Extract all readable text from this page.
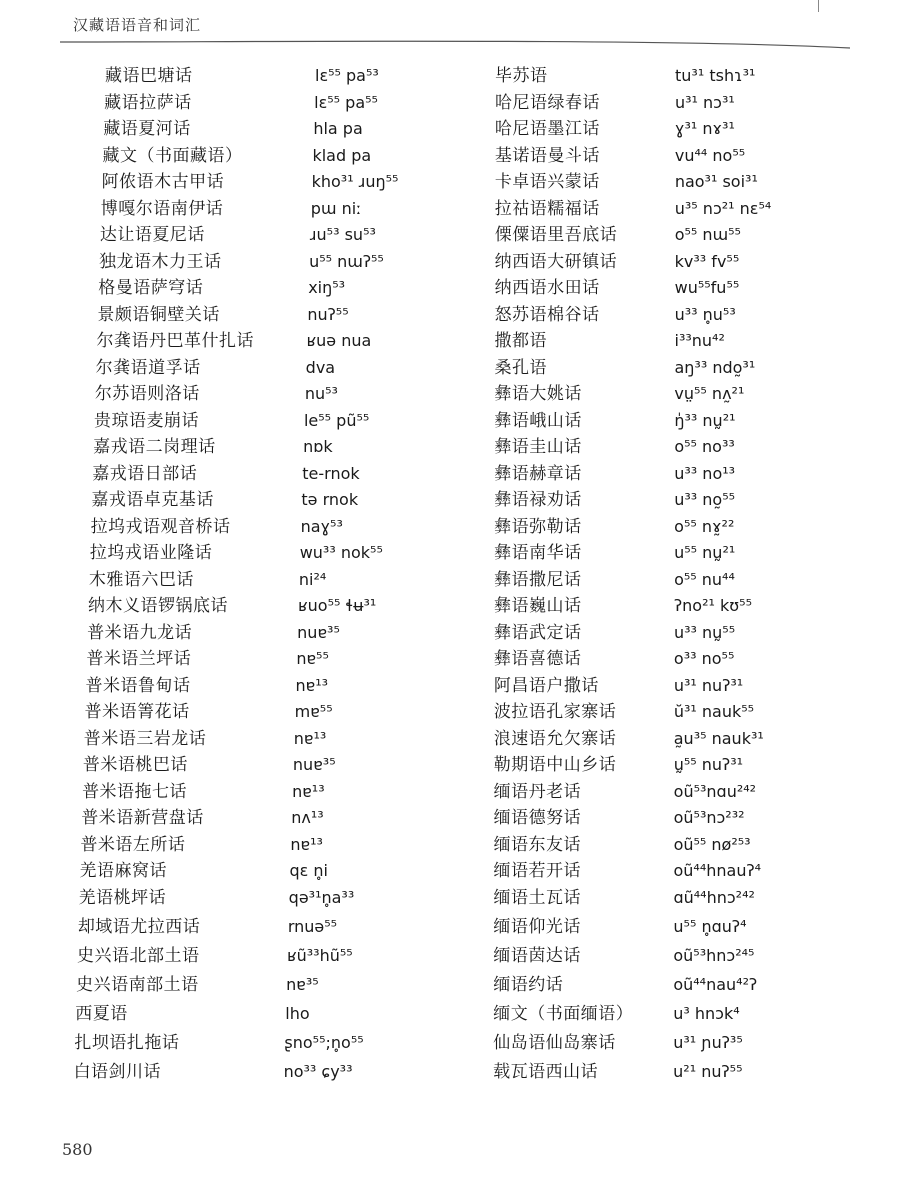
汉藏语语音和词汇
藏语巴塘话	lɛ⁵⁵ pa⁵³
藏语拉萨话	lɛ⁵⁵ pa⁵⁵
藏语夏河话	hla pa
藏文（书面藏语）	klad pa
阿侬语木古甲话	kho³¹ ɹuŋ⁵⁵
博嘎尔语南伊话	pɯ niː
达让语夏尼话	ɹu⁵³ su⁵³
独龙语木力王话	u⁵⁵ nɯʔ⁵⁵
格曼语萨穹话	xiŋ⁵³
景颇语铜壁关话	nuʔ⁵⁵
尔龚语丹巴革什扎话	ʁuə nua
尔龚语道孚话	dva
尔苏语则洛话	nu⁵³
贵琼语麦崩话	le⁵⁵ pũ⁵⁵
嘉戎语二岗理话	nɒk
嘉戎语日部话	te-rnok
嘉戎语卓克基话	tə rnok
拉坞戎语观音桥话	naɣ⁵³
拉坞戎语业隆话	wu³³ nok⁵⁵
木雅语六巴话	ni²⁴
纳木义语锣锅底话	ʁuo⁵⁵ ɬʉ³¹
普米语九龙话	nuɐ³⁵
普米语兰坪话	nɐ⁵⁵
普米语鲁甸话	nɐ¹³
普米语箐花话	mɐ⁵⁵
普米语三岩龙话	nɐ¹³
普米语桃巴话	nuɐ³⁵
普米语拖七话	nɐ¹³
普米语新营盘话	nʌ¹³
普米语左所话	nɐ¹³
羌语麻窝话	qɛ n̥i
羌语桃坪话	qə³¹n̥a³³
却域语尤拉西话	rnuə⁵⁵
史兴语北部土语	ʁũ³³hũ⁵⁵
史兴语南部土语	nɐ³⁵
西夏语	lho
扎坝语扎拖话	ʂno⁵⁵;n̥o⁵⁵
白语剑川话	no³³ ɕy³³
毕苏语	tu³¹ tshɿ³¹
哈尼语绿春话	u³¹ nɔ³¹
哈尼语墨江话	ɣ³¹ nɤ³¹
基诺语曼斗话	vu⁴⁴ no⁵⁵
卡卓语兴蒙话	nao³¹ soi³¹
拉祜语糯福话	u³⁵ nɔ²¹ nɛ⁵⁴
傈僳语里吾底话	o⁵⁵ nɯ⁵⁵
纳西语大研镇话	kv³³ fv⁵⁵
纳西语水田话	wu⁵⁵fu⁵⁵
怒苏语棉谷话	u³³ n̥u⁵³
撒都语	i³³nu⁴²
桑孔语	aŋ³³ ndo̰³¹
彝语大姚话	vṳ⁵⁵ nʌ̰²¹
彝语峨山话	ŋ̍³³ nṵ²¹
彝语圭山话	o⁵⁵ no³³
彝语赫章话	u³³ no¹³
彝语禄劝话	u³³ no̰⁵⁵
彝语弥勒话	o⁵⁵ nɤ̰²²
彝语南华话	u⁵⁵ nṵ²¹
彝语撒尼话	o⁵⁵ nu⁴⁴
彝语巍山话	ʔno²¹ kʊ⁵⁵
彝语武定话	u³³ nṵ⁵⁵
彝语喜德话	o³³ no⁵⁵
阿昌语户撒话	u³¹ nuʔ³¹
波拉语孔家寨话	ŭ³¹ nauk⁵⁵
浪速语允欠寨话	a̰u³⁵ nauk³¹
勒期语中山乡话	ṵ⁵⁵ nuʔ³¹
缅语丹老话	oũ⁵³nɑu²⁴²
缅语德努话	oũ⁵³nɔ²³²
缅语东友话	oũ⁵⁵ nø²⁵³
缅语若开话	oũ⁴⁴hnauʔ⁴
缅语土瓦话	ɑũ⁴⁴hnɔ²⁴²
缅语仰光话	u⁵⁵ n̥ɑuʔ⁴
缅语茵达话	oũ⁵³hnɔ²⁴⁵
缅语约话	oũ⁴⁴nau⁴²ʔ
缅文（书面缅语）	u³ hnɔk⁴
仙岛语仙岛寨话	u³¹ ɲuʔ³⁵
载瓦语西山话	u²¹ nuʔ⁵⁵
580
